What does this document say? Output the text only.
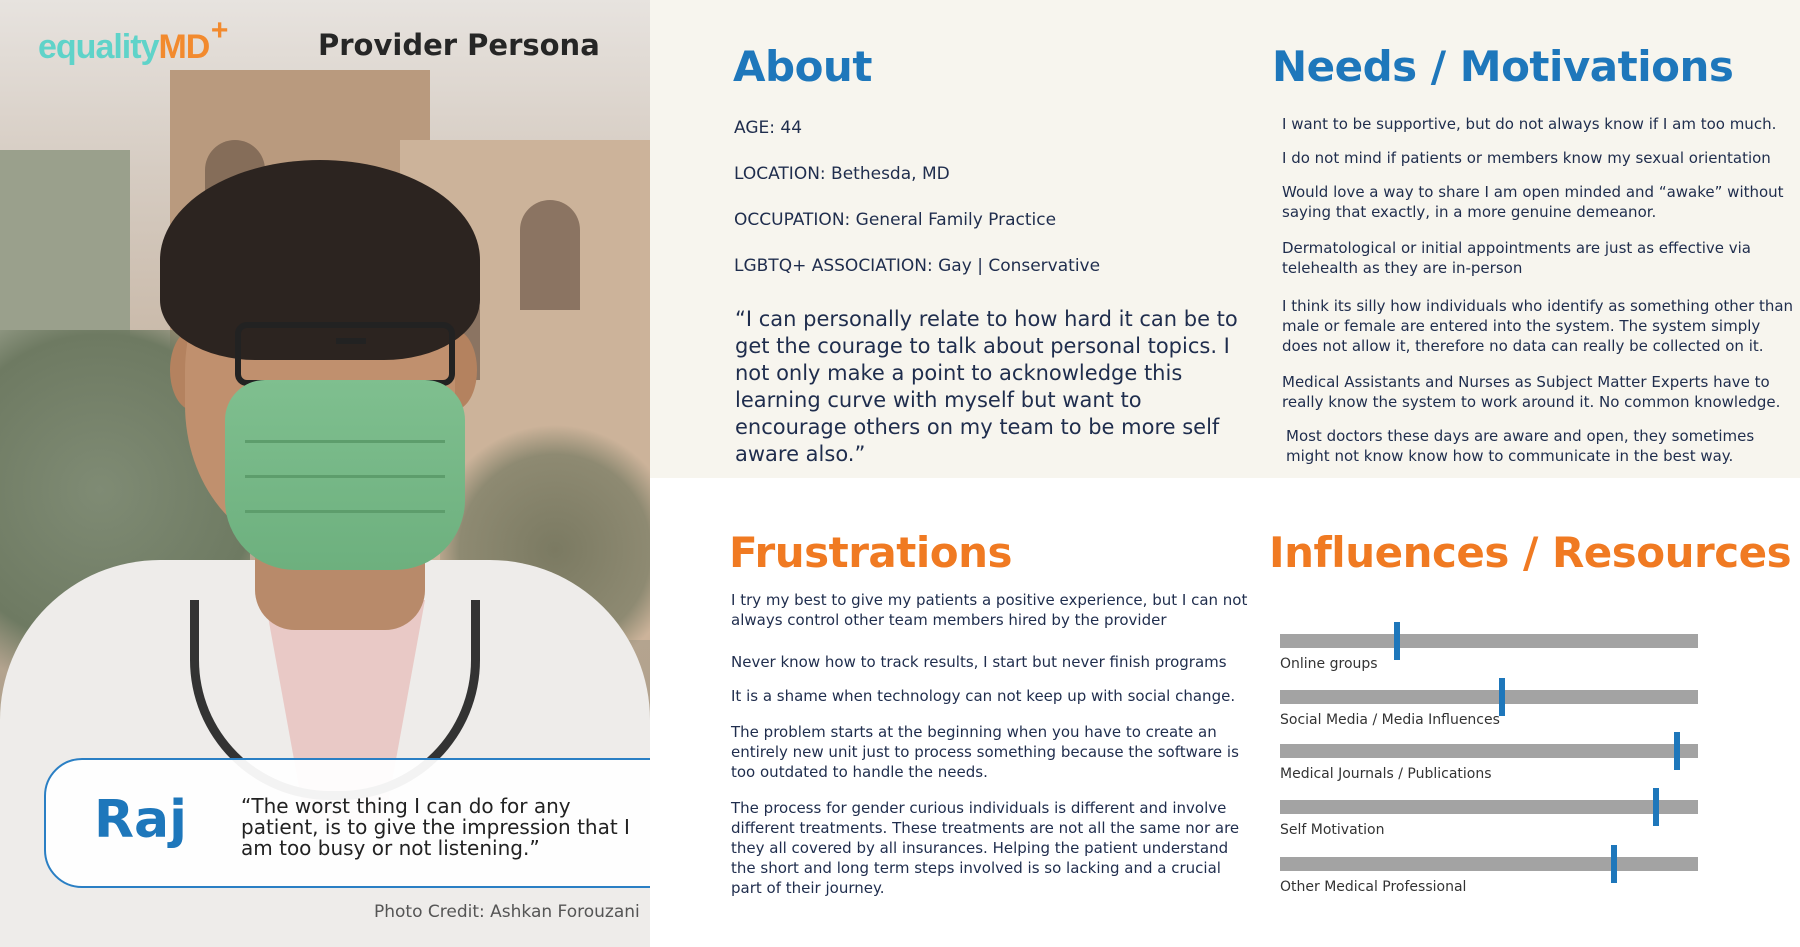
equalityMD +	Provider Persona
Raj	“The worst thing I can do for any patient, is to give the impression that I am too busy or not listening.”
Photo Credit: Ashkan Forouzani
About
AGE: 44
LOCATION: Bethesda, MD
OCCUPATION: General Family Practice
LGBTQ+ ASSOCIATION: Gay | Conservative
“I can personally relate to how hard it can be to get the courage to talk about personal topics. I not only make a point to acknowledge this learning curve with myself but want to encourage others on my team to be more self aware also.”
Needs / Motivations
I want to be supportive, but do not always know if I am too much.
I do not mind if patients or members know my sexual orientation
Would love a way to share I am open minded and “awake” without saying that exactly, in a more genuine demeanor.
Dermatological or initial appointments are just as effective via telehealth as they are in-person
I think its silly how individuals who identify as something other than male or female are entered into the system. The system simply does not allow it, therefore no data can really be collected on it.
Medical Assistants and Nurses as Subject Matter Experts have to really know the system to work around it. No common knowledge.
Most doctors these days are aware and open, they sometimes might not know know how to communicate in the best way.
Frustrations
I try my best to give my patients a positive experience, but I can not always control other team members hired by the provider
Never know how to track results, I start but never finish programs
It is a shame when technology can not keep up with social change.
The problem starts at the beginning when you have to create an entirely new unit just to process something because the software is too outdated to handle the needs.
The process for gender curious individuals is different and involve different treatments. These treatments are not all the same nor are they all covered by all insurances. Helping the patient understand the short and long term steps involved is so lacking and a crucial part of their journey.
Influences / Resources
Online groups
Social Media / Media Influences
Medical Journals / Publications
Self Motivation
Other Medical Professional
